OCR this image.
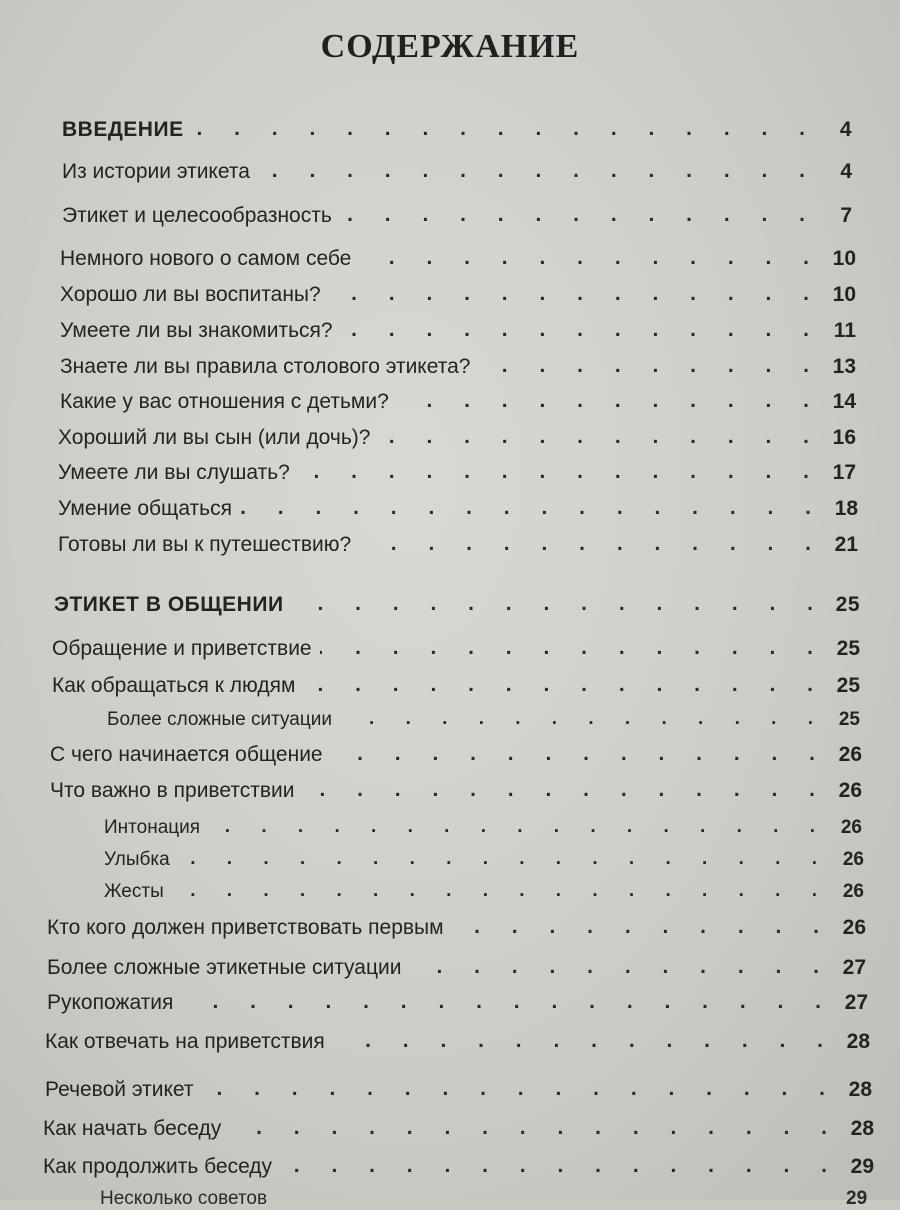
СОДЕРЖАНИЕ
ВВЕДЕНИЕ . . .	4
Из истории этикета . . .	4
Этикет и целесообразность . . .	7
Немного нового о самом себе . . .	10
Хорошо ли вы воспитаны? . . .	10
Умеете ли вы знакомиться? . . .	11
Знаете ли вы правила столового этикета? . . .	13
Какие у вас отношения с детьми? . . .	14
Хороший ли вы сын (или дочь)? . . .	16
Умеете ли вы слушать? . . .	17
Умение общаться . . .	18
Готовы ли вы к путешествию? . . .	21
ЭТИКЕТ В ОБЩЕНИИ . . .	25
Обращение и приветствие . . .	25
Как обращаться к людям . . .	25
Более сложные ситуации . . .	25
С чего начинается общение . . .	26
Что важно в приветствии . . .	26
Интонация . . .	26
Улыбка . . .	26
Жесты . . .	26
Кто кого должен приветствовать первым . . .	26
Более сложные этикетные ситуации . . .	27
Рукопожатия . . .	27
Как отвечать на приветствия . . .	28
Речевой этикет . . .	28
Как начать беседу . . .	28
Как продолжить беседу . . .	29
Несколько советов	29
